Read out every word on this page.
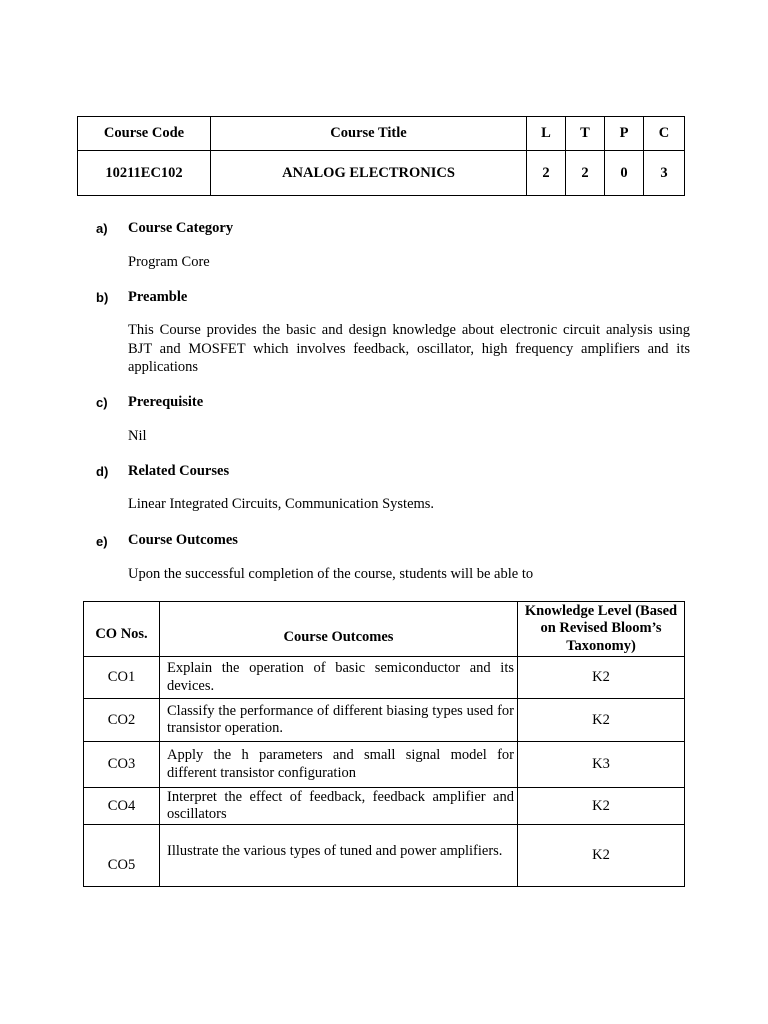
Course Code	Course Title	L	T	P	C
10211EC102	ANALOG ELECTRONICS	2	2	0	3
a) Course Category
Program Core
b) Preamble
This Course provides the basic and design knowledge about electronic circuit analysis using BJT and MOSFET which involves feedback, oscillator, high frequency amplifiers and its applications
c) Prerequisite
Nil
d) Related Courses
Linear Integrated Circuits, Communication Systems.
e) Course Outcomes
Upon the successful completion of the course, students will be able to
CO Nos.	Course Outcomes	Knowledge Level (Based on Revised Bloom’s Taxonomy)
CO1	Explain the operation of basic semiconductor and its devices.	K2
CO2	Classify the performance of different biasing types used for transistor operation.	K2
CO3	Apply the h parameters and small signal model for different transistor configuration	K3
CO4	Interpret the effect of feedback, feedback amplifier and oscillators	K2
CO5	Illustrate the various types of tuned and power amplifiers.	K2
